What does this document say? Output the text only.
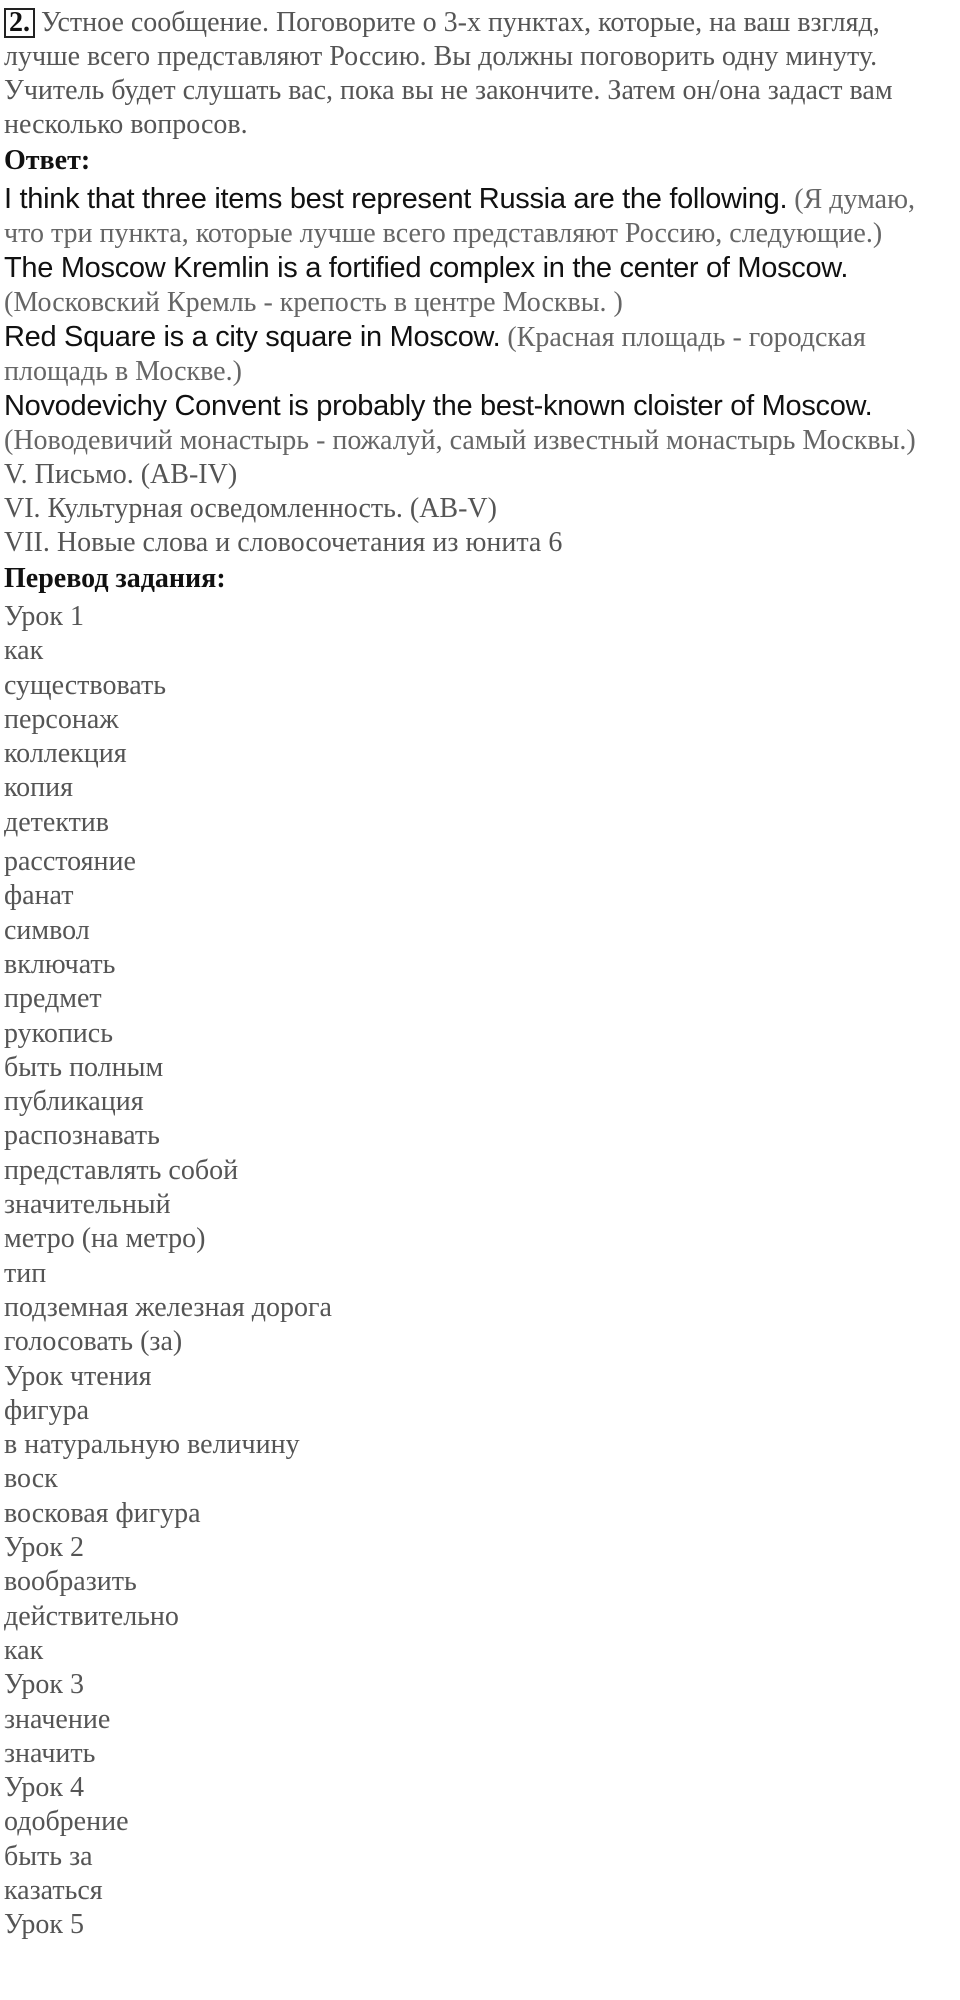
2. Устное сообщение. Поговорите о 3-х пунктах, которые, на ваш взгляд, лучше всего представляют Россию. Вы должны поговорить одну минуту. Учитель будет слушать вас, пока вы не закончите. Затем он/она задаст вам несколько вопросов.

Ответ:

I think that three items best represent Russia are the following. (Я думаю, что три пункта, которые лучше всего представляют Россию, следующие.)

The Moscow Kremlin is a fortified complex in the center of Moscow. (Московский Кремль - крепость в центре Москвы. )

Red Square is a city square in Moscow. (Красная площадь - городская площадь в Москве.)

Novodevichy Convent is probably the best-known cloister of Moscow. (Новодевичий монастырь - пожалуй, самый известный монастырь Москвы.)

V. Письмо. (AB-IV)

VI. Культурная осведомленность. (AB-V)

VII. Новые слова и словосочетания из юнита 6

Перевод задания:
Урок 1
как
существовать
персонаж
коллекция
копия
детектив
расстояние
фанат
символ
включать
предмет
рукопись
быть полным
публикация
распознавать
представлять собой
значительный
метро (на метро)
тип
подземная железная дорога
голосовать (за)
Урок чтения
фигура
в натуральную величину
воск
восковая фигура
Урок 2
вообразить
действительно
как
Урок 3
значение
значить
Урок 4
одобрение
быть за
казаться
Урок 5
